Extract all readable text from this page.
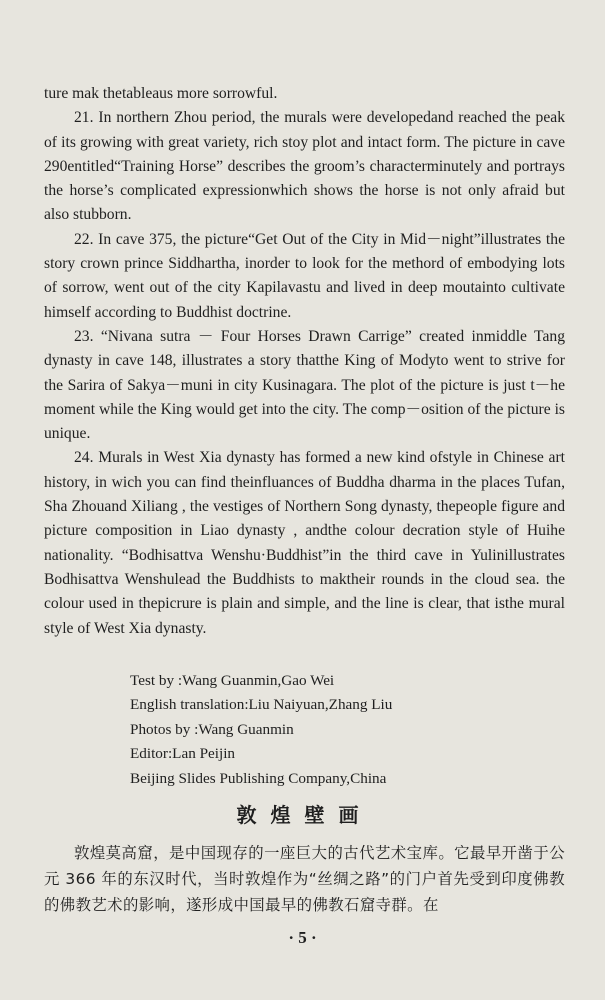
ture mak thetableaus more sorrowful.

21. In northern Zhou period, the murals were developedand reached the peak of its growing with great variety, rich stoy plot and intact form. The picture in cave 290entitled“Training Horse” describes the groom’s characterminutely and portrays the horse’s complicated expressionwhich shows the horse is not only afraid but also stubborn.

22. In cave 375, the picture“Get Out of the City in Mid－night”illustrates the story crown prince Siddhartha, inorder to look for the methord of embodying lots of sorrow, went out of the city Kapilavastu and lived in deep moutainto cultivate himself according to Buddhist doctrine.

23. “Nivana sutra － Four Horses Drawn Carrige” created inmiddle Tang dynasty in cave 148, illustrates a story thatthe King of Modyto went to strive for the Sarira of Sakya－muni in city Kusinagara. The plot of the picture is just t－he moment while the King would get into the city. The comp－osition of the picture is unique.

24. Murals in West Xia dynasty has formed a new kind ofstyle in Chinese art history, in wich you can find theinfluances of Buddha dharma in the places Tufan, Sha Zhouand Xiliang , the vestiges of Northern Song dynasty, thepeople figure and picture composition in Liao dynasty , andthe colour decration style of Huihe nationality. “Bodhisattva Wenshu·Buddhist”in the third cave in Yulinillustrates Bodhisattva Wenshulead the Buddhists to maktheir rounds in the cloud sea. the colour used in thepicrure is plain and simple, and the line is clear, that isthe mural style of West Xia dynasty.

Test by :Wang Guanmin,Gao Wei
English translation:Liu Naiyuan,Zhang Liu
Photos by :Wang Guanmin
Editor:Lan Peijin
Beijing Slides Publishing Company,China
敦煌壁画

敦煌莫高窟，是中国现存的一座巨大的古代艺术宝库。它最早开凿于公元 366 年的东汉时代，当时敦煌作为“丝绸之路”的门户首先受到印度佛教的佛教艺术的影响，遂形成中国最早的佛教石窟寺群。在

· 5 ·
